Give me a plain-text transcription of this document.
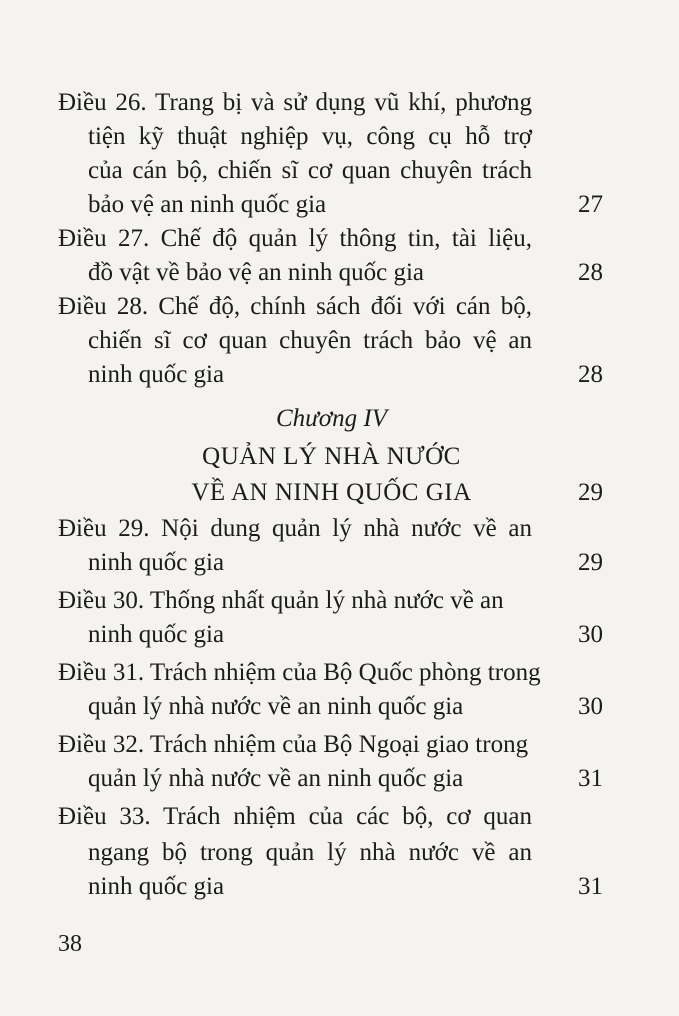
Điều 26. Trang bị và sử dụng vũ khí, phương
tiện kỹ thuật nghiệp vụ, công cụ hỗ trợ
của cán bộ, chiến sĩ cơ quan chuyên trách
bảo vệ an ninh quốc gia	27
Điều 27. Chế độ quản lý thông tin, tài liệu,
đồ vật về bảo vệ an ninh quốc gia	28
Điều 28. Chế độ, chính sách đối với cán bộ,
chiến sĩ cơ quan chuyên trách bảo vệ an
ninh quốc gia	28
Chương IV
QUẢN LÝ NHÀ NƯỚC
VỀ AN NINH QUỐC GIA	29
Điều 29. Nội dung quản lý nhà nước về an
ninh quốc gia	29
Điều 30. Thống nhất quản lý nhà nước về an
ninh quốc gia	30
Điều 31. Trách nhiệm của Bộ Quốc phòng trong
quản lý nhà nước về an ninh quốc gia	30
Điều 32. Trách nhiệm của Bộ Ngoại giao trong
quản lý nhà nước về an ninh quốc gia	31
Điều 33. Trách nhiệm của các bộ, cơ quan
ngang bộ trong quản lý nhà nước về an
ninh quốc gia	31
38
